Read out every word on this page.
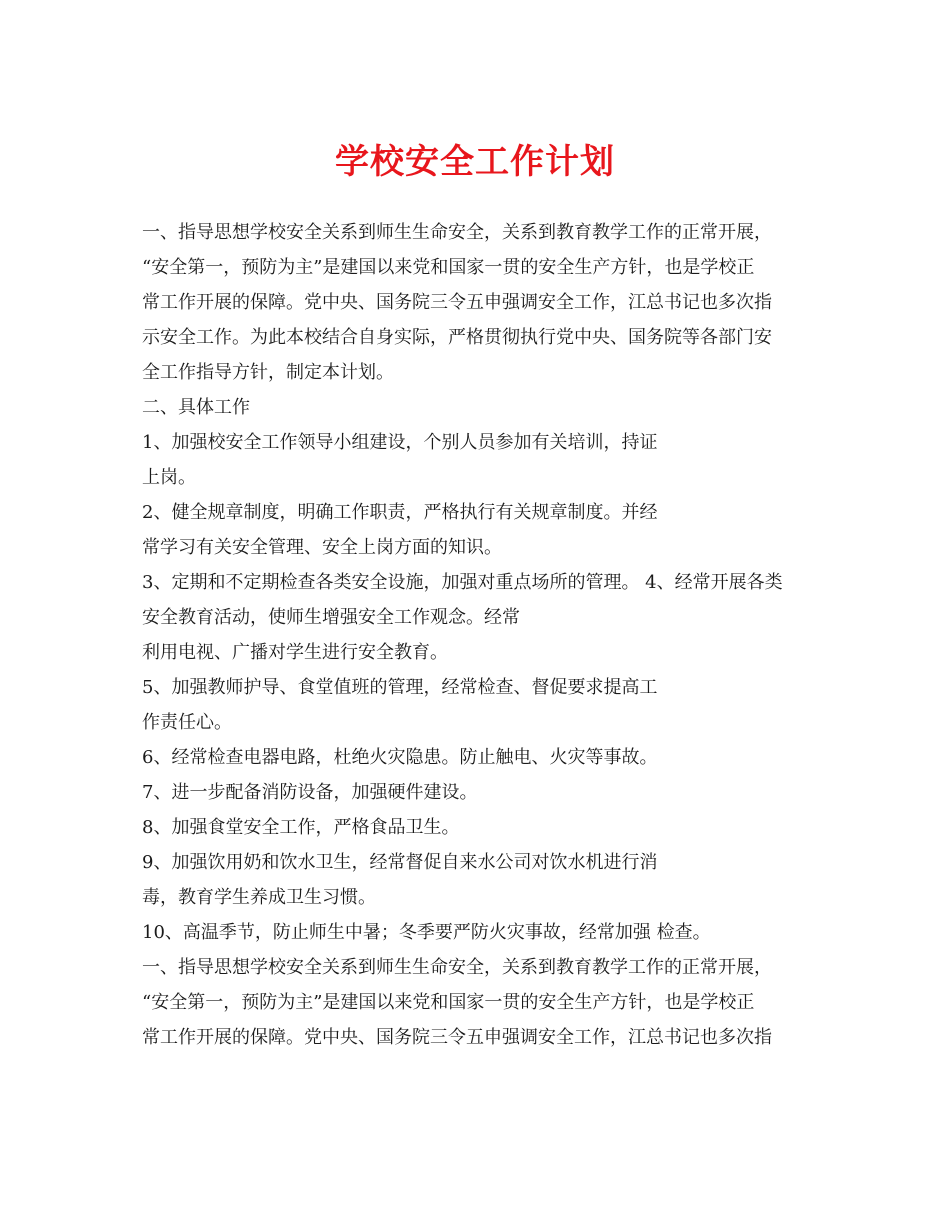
学校安全工作计划
一、指导思想学校安全关系到师生生命安全，关系到教育教学工作的正常开展，
“安全第一，预防为主”是建国以来党和国家一贯的安全生产方针，也是学校正
常工作开展的保障。党中央、国务院三令五申强调安全工作，江总书记也多次指
示安全工作。为此本校结合自身实际，严格贯彻执行党中央、国务院等各部门安
全工作指导方针，制定本计划。
二、具体工作
1、加强校安全工作领导小组建设，个别人员参加有关培训，持证
上岗。
2、健全规章制度，明确工作职责，严格执行有关规章制度。并经
常学习有关安全管理、安全上岗方面的知识。
3、定期和不定期检查各类安全设施，加强对重点场所的管理。 4、经常开展各类
安全教育活动，使师生增强安全工作观念。经常
利用电视、广播对学生进行安全教育。
5、加强教师护导、食堂值班的管理，经常检查、督促要求提高工
作责任心。
6、经常检查电器电路，杜绝火灾隐患。防止触电、火灾等事故。
7、进一步配备消防设备，加强硬件建设。
8、加强食堂安全工作，严格食品卫生。
9、加强饮用奶和饮水卫生，经常督促自来水公司对饮水机进行消
毒，教育学生养成卫生习惯。
10、高温季节，防止师生中暑；冬季要严防火灾事故，经常加强 检查。
一、指导思想学校安全关系到师生生命安全，关系到教育教学工作的正常开展，
“安全第一，预防为主”是建国以来党和国家一贯的安全生产方针，也是学校正
常工作开展的保障。党中央、国务院三令五申强调安全工作，江总书记也多次指
